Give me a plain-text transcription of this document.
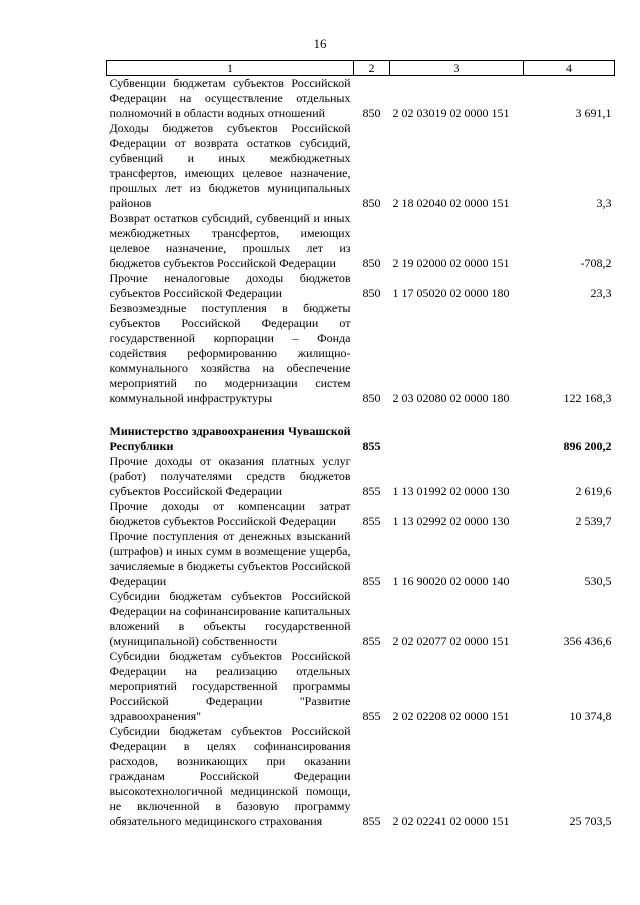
16
1	2	3	4
Субвенции бюджетам субъектов Российской Федерации на осуществление отдельных полномочий в области водных отношений	850	2 02 03019 02 0000 151	3 691,1
Доходы бюджетов субъектов Российской Федерации от возврата остатков субсидий, субвенций и иных межбюджетных трансфертов, имеющих целевое назначение, прошлых лет из бюджетов муниципальных районов	850	2 18 02040 02 0000 151	3,3
Возврат остатков субсидий, субвенций и иных межбюджетных трансфертов, имеющих целевое назначение, прошлых лет из бюджетов субъектов Российской Федерации	850	2 19 02000 02 0000 151	-708,2
Прочие неналоговые доходы бюджетов субъектов Российской Федерации	850	1 17 05020 02 0000 180	23,3
Безвозмездные поступления в бюджеты субъектов Российской Федерации от государственной корпорации – Фонда содействия реформированию жилищно-коммунального хозяйства на обеспечение мероприятий по модернизации систем коммунальной инфраструктуры	850	2 03 02080 02 0000 180	122 168,3

Министерство здравоохранения Чувашской Республики	855		896 200,2
Прочие доходы от оказания платных услуг (работ) получателями средств бюджетов субъектов Российской Федерации	855	1 13 01992 02 0000 130	2 619,6
Прочие доходы от компенсации затрат бюджетов субъектов Российской Федерации	855	1 13 02992 02 0000 130	2 539,7
Прочие поступления от денежных взысканий (штрафов) и иных сумм в возмещение ущерба, зачисляемые в бюджеты субъектов Российской Федерации	855	1 16 90020 02 0000 140	530,5
Субсидии бюджетам субъектов Российской Федерации на софинансирование капитальных вложений в объекты государственной (муниципальной) собственности	855	2 02 02077 02 0000 151	356 436,6
Субсидии бюджетам субъектов Российской Федерации на реализацию отдельных мероприятий государственной программы Российской Федерации "Развитие здравоохранения"	855	2 02 02208 02 0000 151	10 374,8
Субсидии бюджетам субъектов Российской Федерации в целях софинансирования расходов, возникающих при оказании гражданам Российской Федерации высокотехнологичной медицинской помощи, не включенной в базовую программу обязательного медицинского страхования	855	2 02 02241 02 0000 151	25 703,5
